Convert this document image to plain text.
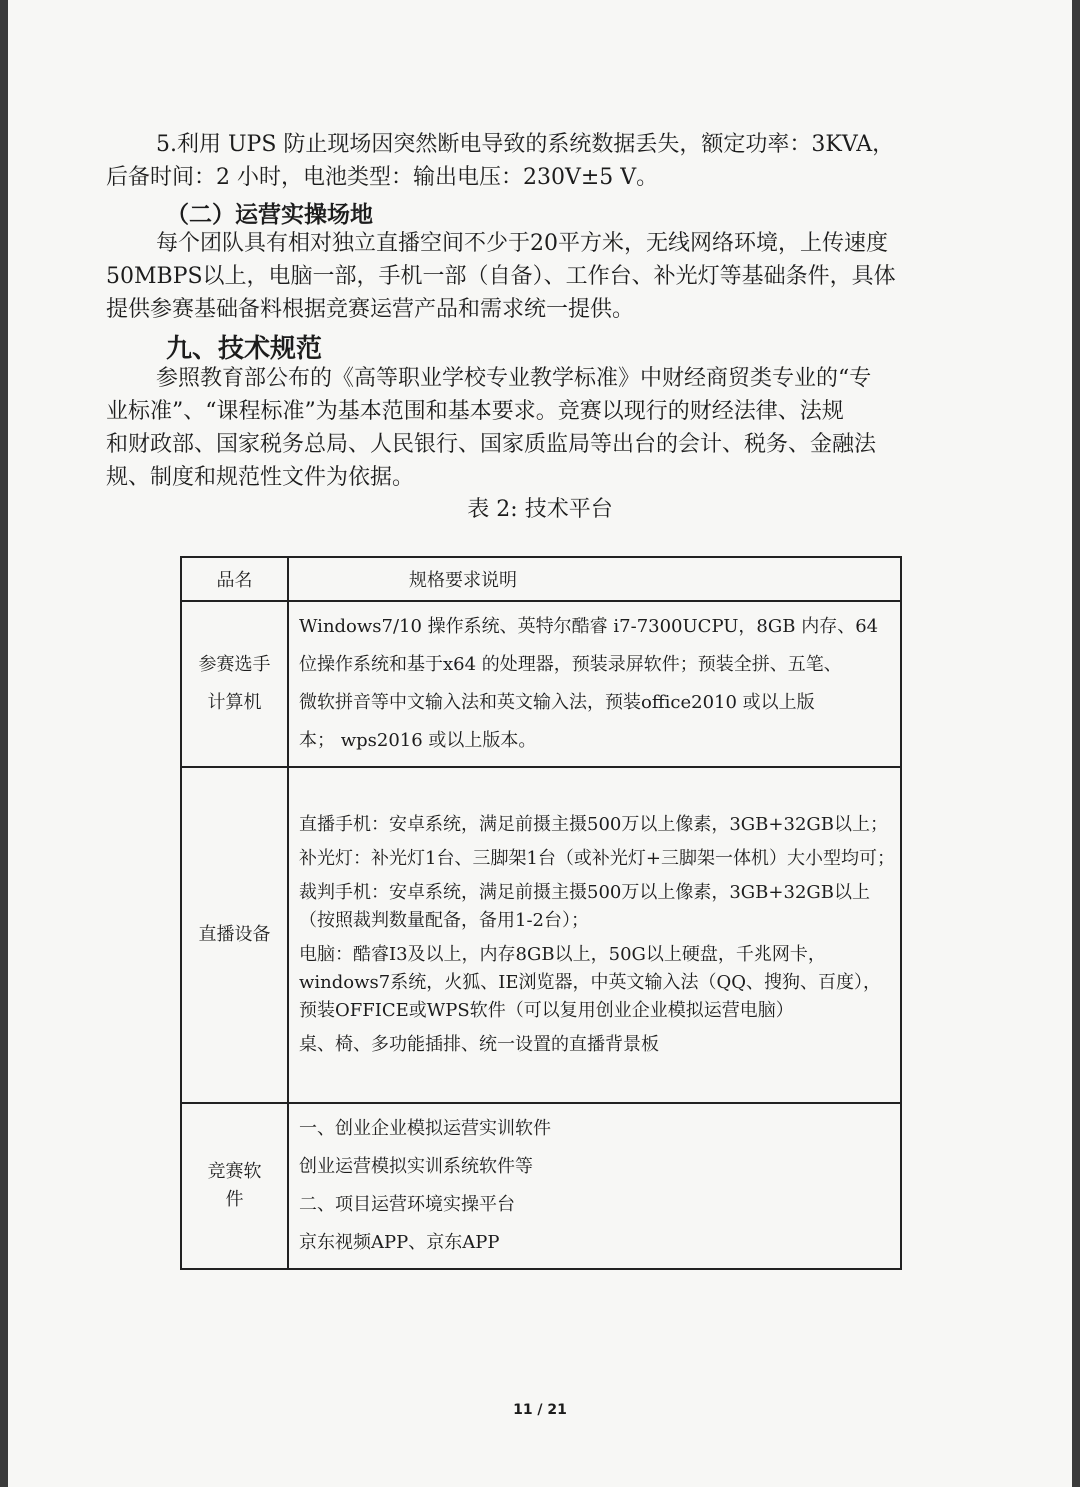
5.利用 UPS 防止现场因突然断电导致的系统数据丢失，额定功率：3KVA，
后备时间：2 小时，电池类型：输出电压：230V±5 V。

（二）运营实操场地

每个团队具有相对独立直播空间不少于20平方米，无线网络环境，上传速度
50MBPS以上，电脑一部，手机一部（自备）、工作台、补光灯等基础条件，具体
提供参赛基础备料根据竞赛运营产品和需求统一提供。

九、技术规范

参照教育部公布的《高等职业学校专业教学标准》中财经商贸类专业的“专
业标准”、“课程标准”为基本范围和基本要求。竞赛以现行的财经法律、法规
和财政部、国家税务总局、人民银行、国家质监局等出台的会计、税务、金融法
规、制度和规范性文件为依据。

表 2: 技术平台

品名	规格要求说明

参赛选手
计算机	Windows7/10 操作系统、英特尔酷睿 i7-7300UCPU，8GB 内存、64
位操作系统和基于x64 的处理器，预装录屏软件；预装全拼、五笔、
微软拼音等中文输入法和英文输入法，预装office2010 或以上版
本； wps2016 或以上版本。

直播设备	直播手机：安卓系统，满足前摄主摄500万以上像素，3GB+32GB以上；
补光灯：补光灯1台、三脚架1台（或补光灯+三脚架一体机）大小型均可；
裁判手机：安卓系统，满足前摄主摄500万以上像素，3GB+32GB以上（按照裁判数量配备，备用1-2台）；
电脑：酷睿I3及以上，内存8GB以上，50G以上硬盘，千兆网卡，windows7系统，火狐、IE浏览器，中英文输入法（QQ、搜狗、百度），预装OFFICE或WPS软件（可以复用创业企业模拟运营电脑）
桌、椅、多功能插排、统一设置的直播背景板

竞赛软
件	一、创业企业模拟运营实训软件
创业运营模拟实训系统软件等
二、项目运营环境实操平台
京东视频APP、京东APP
11 / 21
